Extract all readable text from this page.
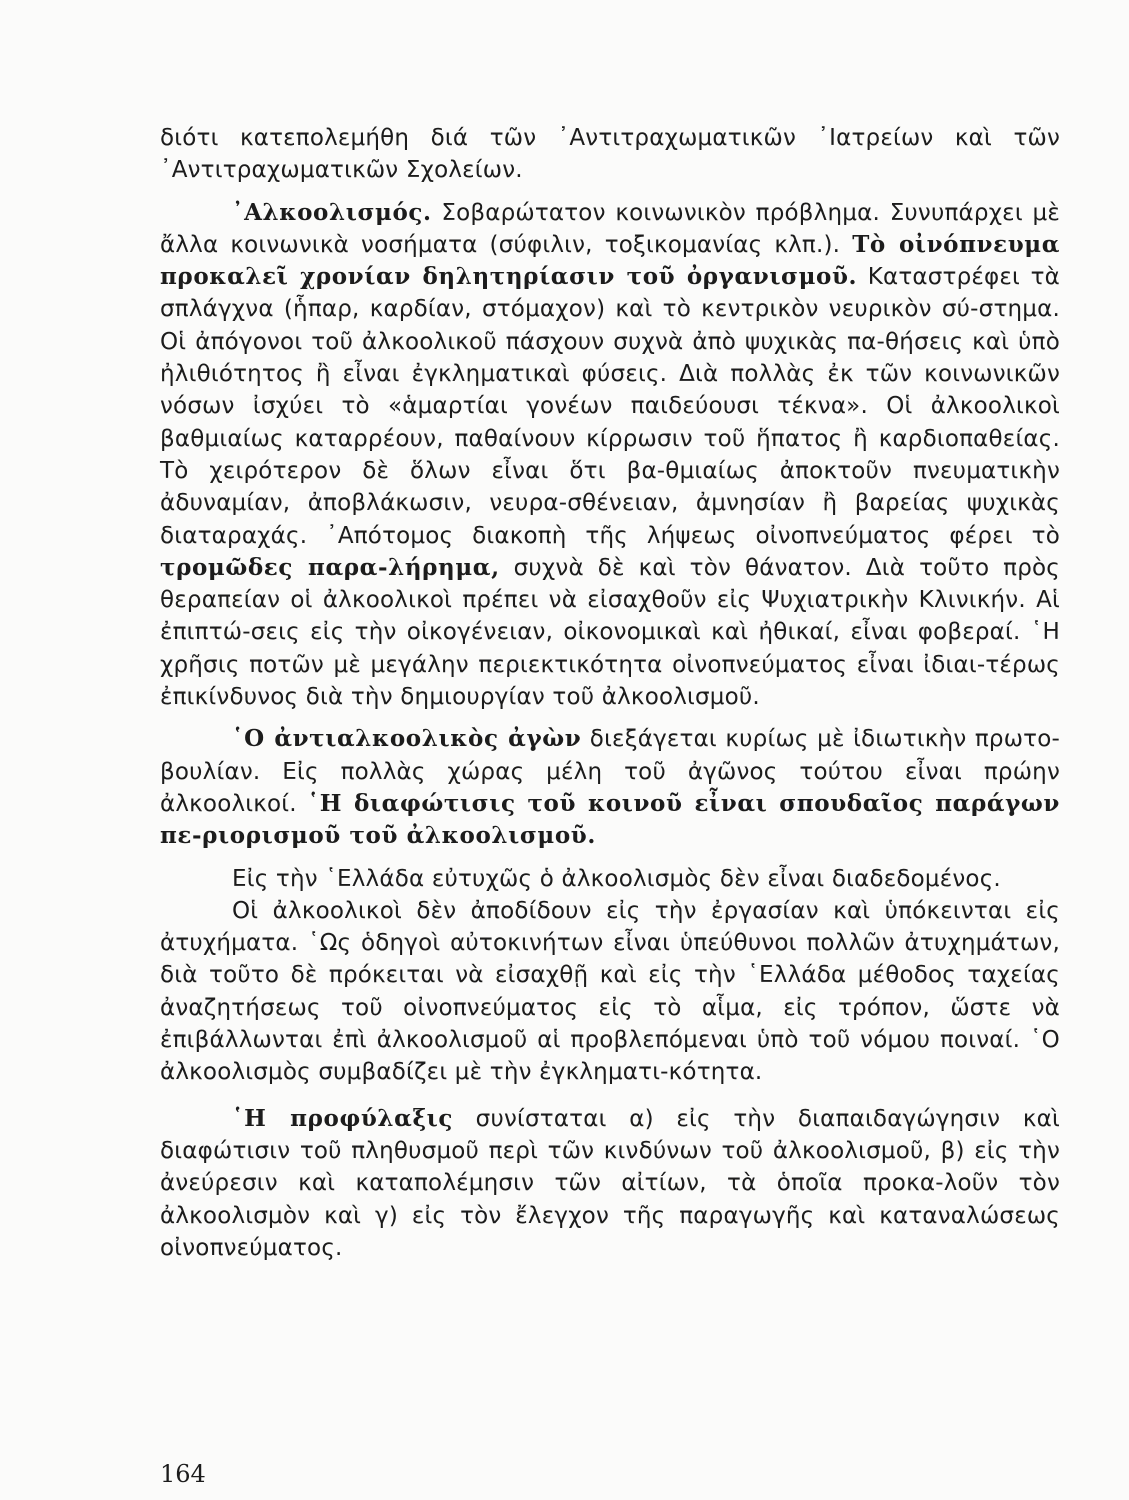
διότι κατεπολεμήθη διά τῶν ᾽Αντιτραχωματικῶν ᾽Ιατρείων καὶ τῶν ᾽Αντιτραχωματικῶν Σχολείων.

᾽Αλκοολισμός. Σοβαρώτατον κοινωνικὸν πρόβλημα. Συνυπάρχει μὲ ἄλλα κοινωνικὰ νοσήματα (σύφιλιν, τοξικομανίας κλπ.). Τὸ οἰνόπνευμα προκαλεῖ χρονίαν δηλητηρίασιν τοῦ ὀργανισμοῦ. Καταστρέφει τὰ σπλάγχνα (ἧπαρ, καρδίαν, στόμαχον) καὶ τὸ κεντρικὸν νευρικὸν σύ-στημα. Οἱ ἀπόγονοι τοῦ ἀλκοολικοῦ πάσχουν συχνὰ ἀπὸ ψυχικὰς πα-θήσεις καὶ ὑπὸ ἠλιθιότητος ἢ εἶναι ἐγκληματικαὶ φύσεις. Διὰ πολλὰς ἐκ τῶν κοινωνικῶν νόσων ἰσχύει τὸ «ἁμαρτίαι γονέων παιδεύουσι τέκνα». Οἱ ἀλκοολικοὶ βαθμιαίως καταρρέουν, παθαίνουν κίρρωσιν τοῦ ἥπατος ἢ καρδιοπαθείας. Τὸ χειρότερον δὲ ὅλων εἶναι ὅτι βα-θμιαίως ἀποκτοῦν πνευματικὴν ἀδυναμίαν, ἀποβλάκωσιν, νευρα-σθένειαν, ἀμνησίαν ἢ βαρείας ψυχικὰς διαταραχάς. ᾽Απότομος διακοπὴ τῆς λήψεως οἰνοπνεύματος φέρει τὸ τρομῶδες παρα-λήρημα, συχνὰ δὲ καὶ τὸν θάνατον. Διὰ τοῦτο πρὸς θεραπείαν οἱ ἀλκοολικοὶ πρέπει νὰ εἰσαχθοῦν εἰς Ψυχιατρικὴν Κλινικήν. Αἱ ἐπιπτώ-σεις εἰς τὴν οἰκογένειαν, οἰκονομικαὶ καὶ ἠθικαί, εἶναι φοβεραί. ῾Η χρῆσις ποτῶν μὲ μεγάλην περιεκτικότητα οἰνοπνεύματος εἶναι ἰδιαι-τέρως ἐπικίνδυνος διὰ τὴν δημιουργίαν τοῦ ἀλκοολισμοῦ.

῾Ο ἀντιαλκοολικὸς ἀγὼν διεξάγεται κυρίως μὲ ἰδιωτικὴν πρωτο-βουλίαν. Εἰς πολλὰς χώρας μέλη τοῦ ἀγῶνος τούτου εἶναι πρώην ἀλκοολικοί. ῾Η διαφώτισις τοῦ κοινοῦ εἶναι σπουδαῖος παράγων πε-ριορισμοῦ τοῦ ἀλκοολισμοῦ.

Εἰς τὴν ῾Ελλάδα εὐτυχῶς ὁ ἀλκοολισμὸς δὲν εἶναι διαδεδομένος.

Οἱ ἀλκοολικοὶ δὲν ἀποδίδουν εἰς τὴν ἐργασίαν καὶ ὑπόκεινται εἰς ἀτυχήματα. ῾Ως ὁδηγοὶ αὐτοκινήτων εἶναι ὑπεύθυνοι πολλῶν ἀτυχημάτων, διὰ τοῦτο δὲ πρόκειται νὰ εἰσαχθῇ καὶ εἰς τὴν ῾Ελλάδα μέθοδος ταχείας ἀναζητήσεως τοῦ οἰνοπνεύματος εἰς τὸ αἷμα, εἰς τρόπον, ὥστε νὰ ἐπιβάλλωνται ἐπὶ ἀλκοολισμοῦ αἱ προβλεπόμεναι ὑπὸ τοῦ νόμου ποιναί. ῾Ο ἀλκοολισμὸς συμβαδίζει μὲ τὴν ἐγκληματι-κότητα.

῾Η προφύλαξις συνίσταται α) εἰς τὴν διαπαιδαγώγησιν καὶ διαφώτισιν τοῦ πληθυσμοῦ περὶ τῶν κινδύνων τοῦ ἀλκοολισμοῦ, β) εἰς τὴν ἀνεύρεσιν καὶ καταπολέμησιν τῶν αἰτίων, τὰ ὁποῖα προκα-λοῦν τὸν ἀλκοολισμὸν καὶ γ) εἰς τὸν ἔλεγχον τῆς παραγωγῆς καὶ καταναλώσεως οἰνοπνεύματος.

164
